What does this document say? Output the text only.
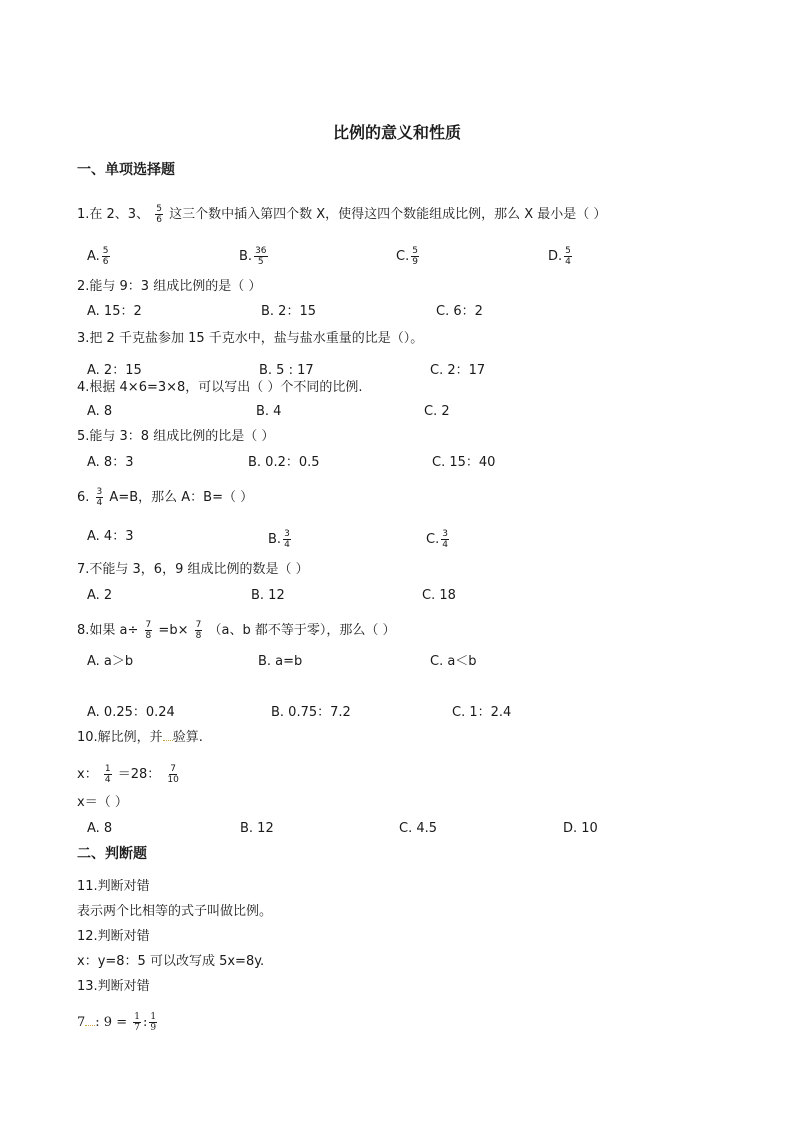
比例的意义和性质
一、单项选择题
1.在 2、3、 $\frac{5}{6}$ 这三个数中插入第四个数 X，使得这四个数能组成比例，那么 X 最小是（ ）
A. $\frac{5}{6}$	B. $\frac{36}{5}$	C. $\frac{5}{9}$	D. $\frac{5}{4}$
2.能与 9：3 组成比例的是（ ）
A. 15：2	B. 2：15	C. 6：2
3.把 2 千克盐参加 15 千克水中，盐与盐水重量的比是（）。
A. 2：15	B. 5 : 17	C. 2：17
4.根据 4×6=3×8，可以写出（ ）个不同的比例.
A. 8	B. 4	C. 2
5.能与 3：8 组成比例的比是（ ）
A. 8：3	B. 0.2：0.5	C. 15：40
6. $\frac{3}{4} A=B$，那么 A：B=（ ）
A. 4：3	B. $\frac{3}{4}$	C. $\frac{3}{4}$
7.不能与 3，6，9 组成比例的数是（ ）
A. 2	B. 12	C. 18
8.如果 $a\div \frac{7}{8} =b\times \frac{7}{8} (a$、b 都不等于零），那么（ ）
A. a＞b	B. a=b	C. a＜b
A. 0.25：0.24	B. 0.75：7.2	C. 1：2.4
10.解比例，并 验算.
x： $\frac{1}{4} =28$： $\frac{7}{10}$
x＝（ ）
A. 8	B. 12	C. 4.5	D. 10
二、判断题
11.判断对错
表示两个比相等的式子叫做比例。
12.判断对错
x：y=8：5 可以改写成 5x=8y.
13.判断对错
7 : $9 = \frac{1}{7}$ : $\frac{1}{9}$
